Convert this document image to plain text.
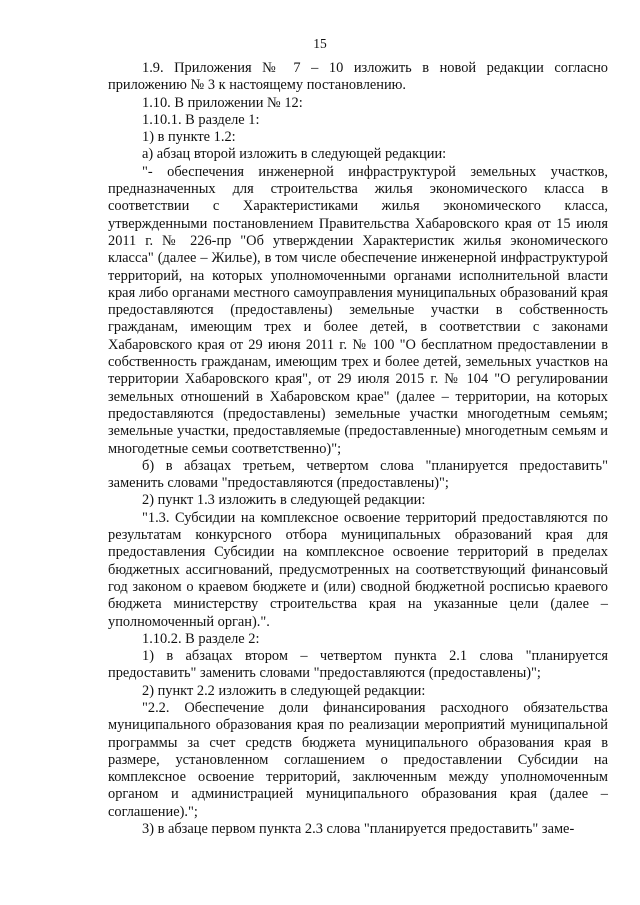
15

1.9. Приложения № 7 – 10 изложить в новой редакции согласно приложению № 3 к настоящему постановлению.

1.10. В приложении № 12:

1.10.1. В разделе 1:

1) в пункте 1.2:

а) абзац второй изложить в следующей редакции:

"- обеспечения инженерной инфраструктурой земельных участков, предназначенных для строительства жилья экономического класса в соответствии с Характеристиками жилья экономического класса, утвержденными постановлением Правительства Хабаровского края от 15 июля 2011 г. № 226-пр "Об утверждении Характеристик жилья экономического класса" (далее – Жилье), в том числе обеспечение инженерной инфраструктурой территорий, на которых уполномоченными органами исполнительной власти края либо органами местного самоуправления муниципальных образований края предоставляются (предоставлены) земельные участки в собственность гражданам, имеющим трех и более детей, в соответствии с законами Хабаровского края от 29 июня 2011 г. № 100 "О бесплатном предоставлении в собственность гражданам, имеющим трех и более детей, земельных участков на территории Хабаровского края", от 29 июля 2015 г. № 104 "О регулировании земельных отношений в Хабаровском крае" (далее – территории, на которых предоставляются (предоставлены) земельные участки многодетным семьям; земельные участки, предоставляемые (предоставленные) многодетным семьям и многодетные семьи соответственно)";

б) в абзацах третьем, четвертом слова "планируется предоставить" заменить словами "предоставляются (предоставлены)";

2) пункт 1.3 изложить в следующей редакции:

"1.3. Субсидии на комплексное освоение территорий предоставляются по результатам конкурсного отбора муниципальных образований края для предоставления Субсидии на комплексное освоение территорий в пределах бюджетных ассигнований, предусмотренных на соответствующий финансовый год законом о краевом бюджете и (или) сводной бюджетной росписью краевого бюджета министерству строительства края на указанные цели (далее – уполномоченный орган).".

1.10.2. В разделе 2:

1) в абзацах втором – четвертом пункта 2.1 слова "планируется предоставить" заменить словами "предоставляются (предоставлены)";

2) пункт 2.2 изложить в следующей редакции:

"2.2. Обеспечение доли финансирования расходного обязательства муниципального образования края по реализации мероприятий муниципальной программы за счет средств бюджета муниципального образования края в размере, установленном соглашением о предоставлении Субсидии на комплексное освоение территорий, заключенным между уполномоченным органом и администрацией муниципального образования края (далее – соглашение).";

3) в абзаце первом пункта 2.3 слова "планируется предоставить" заме-
